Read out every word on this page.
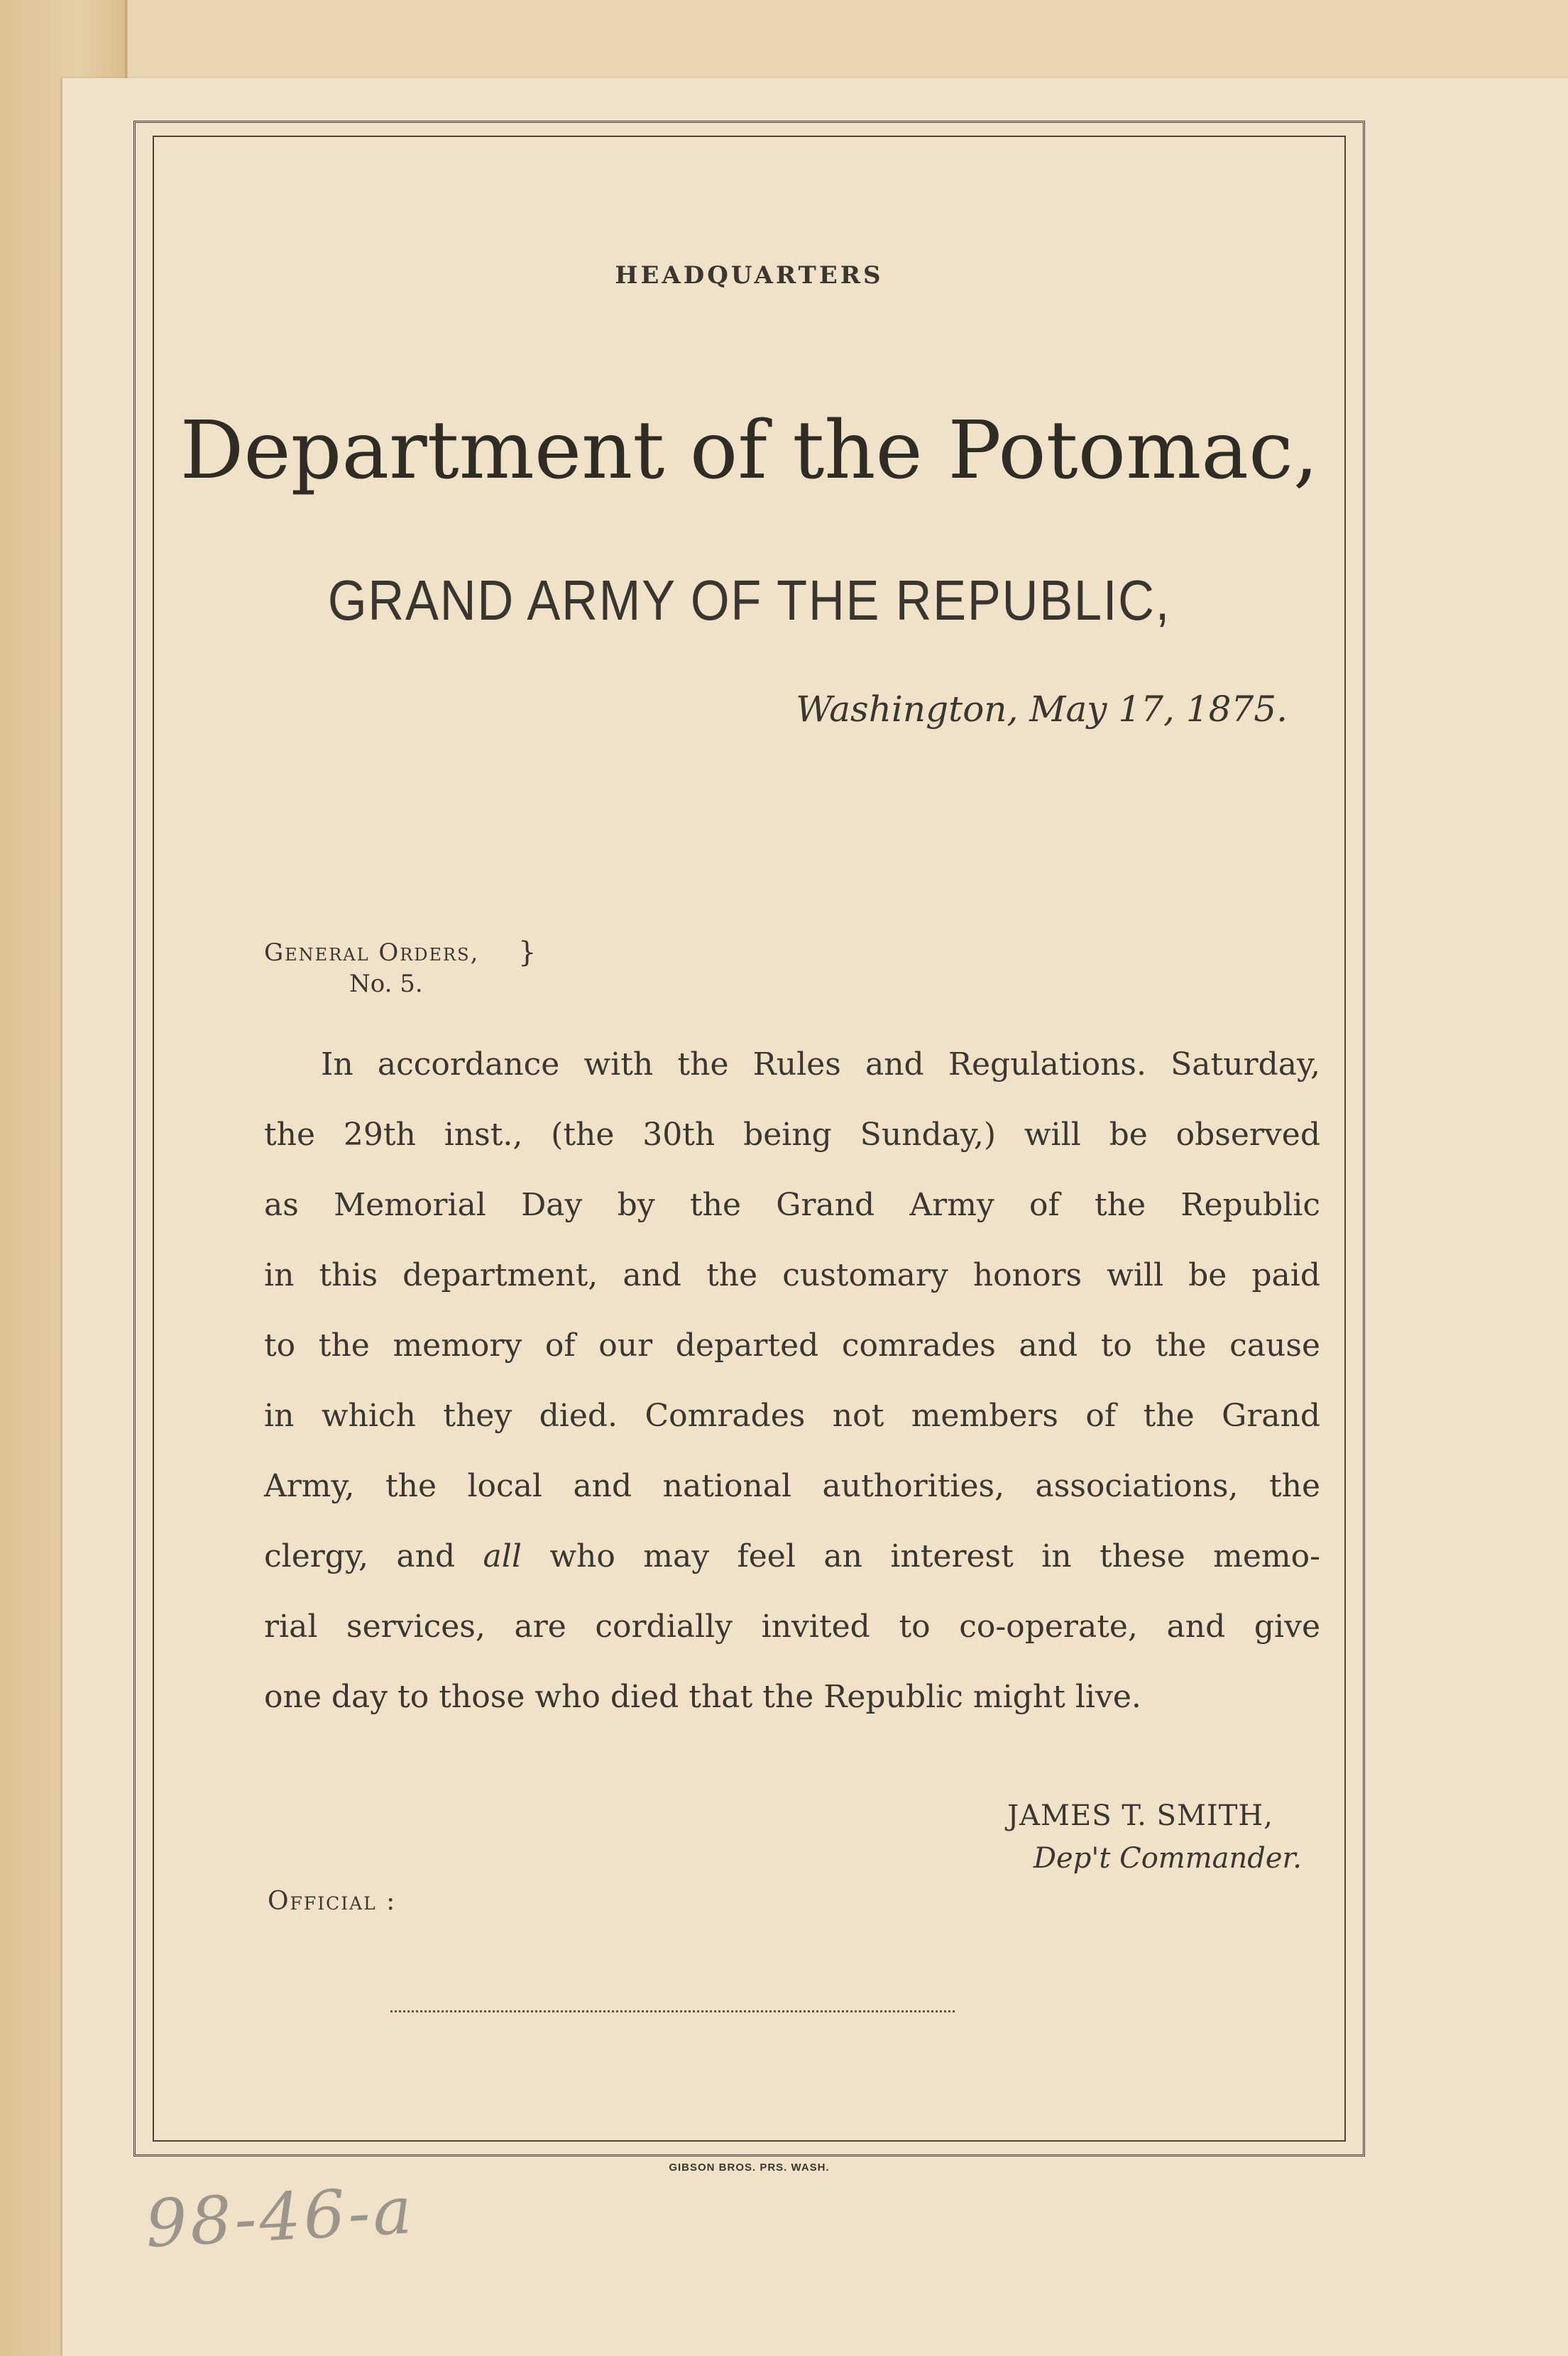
HEADQUARTERS
Department of the Potomac,
GRAND ARMY OF THE REPUBLIC,
Washington, May 17, 1875.
General Orders,
No. 5.
}
In accordance with the Rules and Regulations. Saturday,
the 29th inst., (the 30th being Sunday,) will be observed
as Memorial Day by the Grand Army of the Republic
in this department, and the customary honors will be paid
to the memory of our departed comrades and to the cause
in which they died. Comrades not members of the Grand
Army, the local and national authorities, associations, the
clergy, and all who may feel an interest in these memo-
rial services, are cordially invited to co-operate, and give
one day to those who died that the Republic might live.
JAMES T. SMITH,
Dep't Commander.
Official :
GIBSON BROS. PRS. WASH.
98-46-a
